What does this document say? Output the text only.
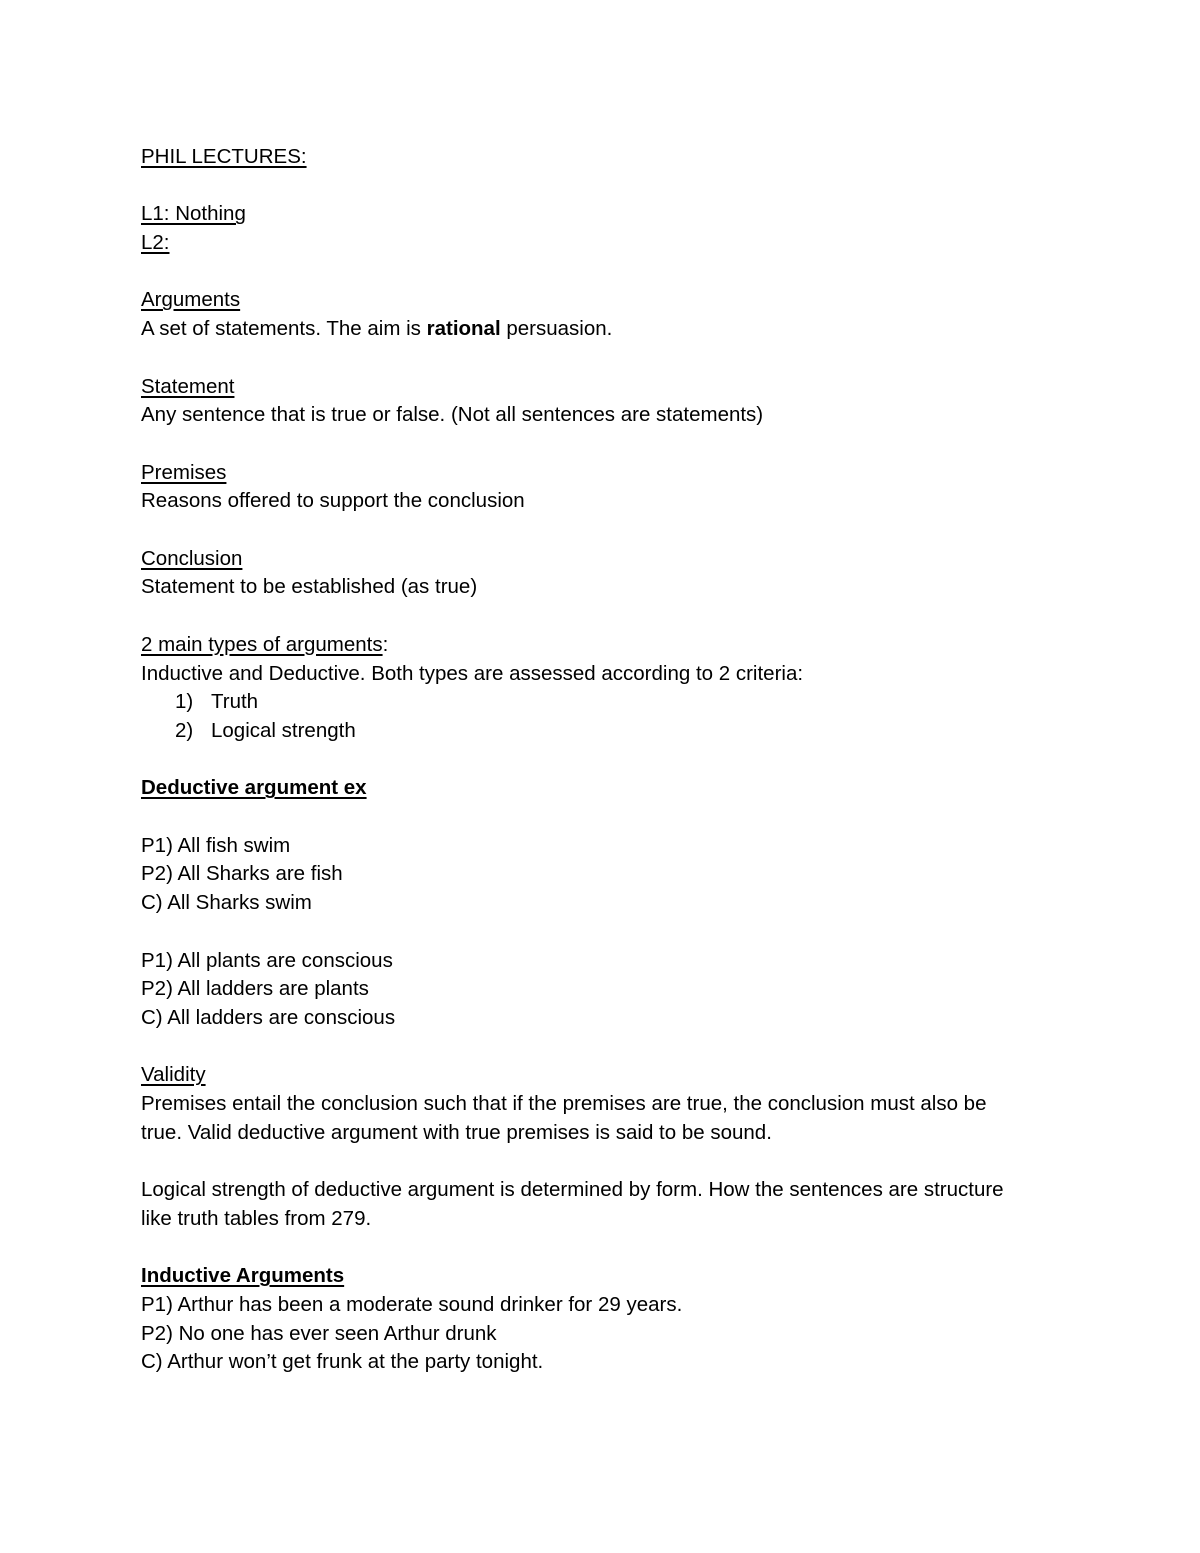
PHIL LECTURES:
L1: Nothing
L2:
Arguments
A set of statements. The aim is rational persuasion.
Statement
Any sentence that is true or false. (Not all sentences are statements)
Premises
Reasons offered to support the conclusion
Conclusion
Statement to be established (as true)
2 main types of arguments:
Inductive and Deductive. Both types are assessed according to 2 criteria:
1) Truth
2) Logical strength
Deductive argument ex
P1) All fish swim
P2) All Sharks are fish
C) All Sharks swim
P1) All plants are conscious
P2) All ladders are plants
C) All ladders are conscious
Validity
Premises entail the conclusion such that if the premises are true, the conclusion must also be
true. Valid deductive argument with true premises is said to be sound.
Logical strength of deductive argument is determined by form. How the sentences are structure
like truth tables from 279.
Inductive Arguments
P1) Arthur has been a moderate sound drinker for 29 years.
P2) No one has ever seen Arthur drunk
C) Arthur won’t get frunk at the party tonight.
